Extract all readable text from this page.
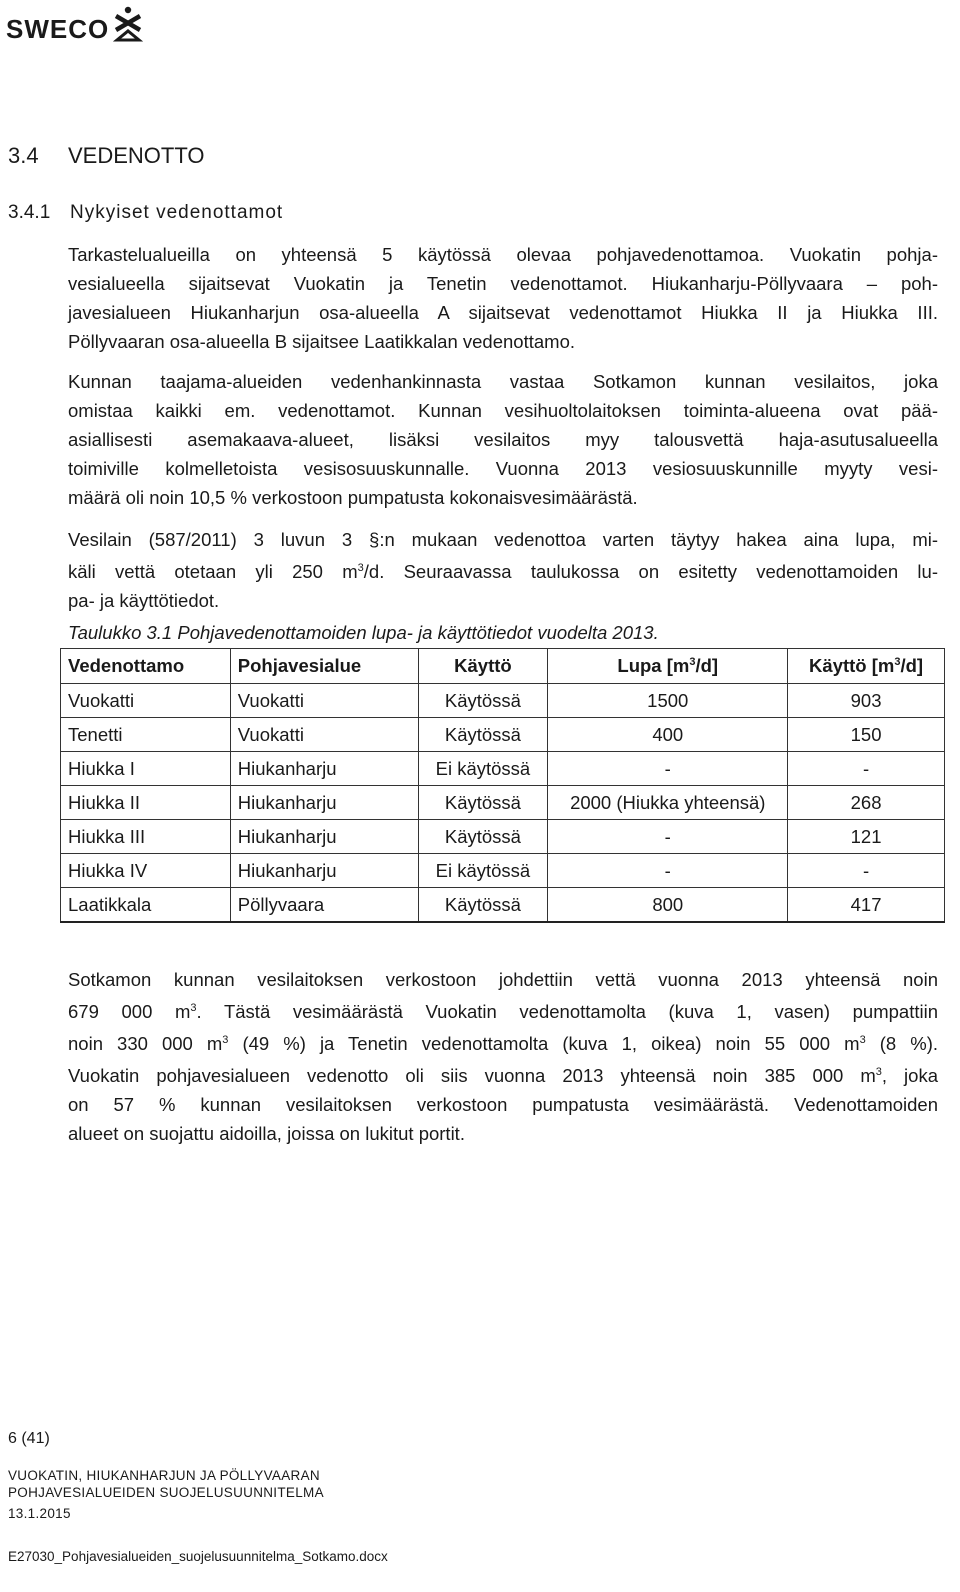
SWECO
3.4 VEDENOTTO
3.4.1 Nykyiset vedenottamot
Tarkastelualueilla on yhteensä 5 käytössä olevaa pohjavedenottamoa. Vuokatin pohja-
vesialueella sijaitsevat Vuokatin ja Tenetin vedenottamot. Hiukanharju-Pöllyvaara – poh-
javesialueen Hiukanharjun osa-alueella A sijaitsevat vedenottamot Hiukka II ja Hiukka III.
Pöllyvaaran osa-alueella B sijaitsee Laatikkalan vedenottamo.
Kunnan taajama-alueiden vedenhankinnasta vastaa Sotkamon kunnan vesilaitos, joka
omistaa kaikki em. vedenottamot. Kunnan vesihuoltolaitoksen toiminta-alueena ovat pää-
asiallisesti asemakaava-alueet, lisäksi vesilaitos myy talousvettä haja-asutusalueella
toimiville kolmelletoista vesisosuuskunnalle. Vuonna 2013 vesiosuuskunnille myyty vesi-
määrä oli noin 10,5 % verkostoon pumpatusta kokonaisvesimäärästä.
Vesilain (587/2011) 3 luvun 3 §:n mukaan vedenottoa varten täytyy hakea aina lupa, mi-
käli vettä otetaan yli 250 $m^3/d$. Seuraavassa taulukossa on esitetty vedenottamoiden lu-
pa- ja käyttötiedot.
Taulukko 3.1 Pohjavedenottamoiden lupa- ja käyttötiedot vuodelta 2013.
Vedenottamo	Pohjavesialue	Käyttö	Lupa $[m^3/d]$	Käyttö $[m^3/d]$
Vuokatti	Vuokatti	Käytössä	1500	903
Tenetti	Vuokatti	Käytössä	400	150
Hiukka I	Hiukanharju	Ei käytössä	-	-
Hiukka II	Hiukanharju	Käytössä	2000 (Hiukka yhteensä)	268
Hiukka III	Hiukanharju	Käytössä	-	121
Hiukka IV	Hiukanharju	Ei käytössä	-	-
Laatikkala	Pöllyvaara	Käytössä	800	417
Sotkamon kunnan vesilaitoksen verkostoon johdettiin vettä vuonna 2013 yhteensä noin
679 000 $m^3$. Tästä vesimäärästä Vuokatin vedenottamolta (kuva 1, vasen) pumpattiin
noin 330 000 $m^3$ (49 %) ja Tenetin vedenottamolta (kuva 1, oikea) noin 55 000 $m^3$ (8 %).
Vuokatin pohjavesialueen vedenotto oli siis vuonna 2013 yhteensä noin 385 000 $m^3$, joka
on 57 % kunnan vesilaitoksen verkostoon pumpatusta vesimäärästä. Vedenottamoiden
alueet on suojattu aidoilla, joissa on lukitut portit.
6 (41)
VUOKATIN, HIUKANHARJUN JA PÖLLYVAARAN
POHJAVESIALUEIDEN SUOJELUSUUNNITELMA
13.1.2015
E27030_Pohjavesialueiden_suojelusuunnitelma_Sotkamo.docx
